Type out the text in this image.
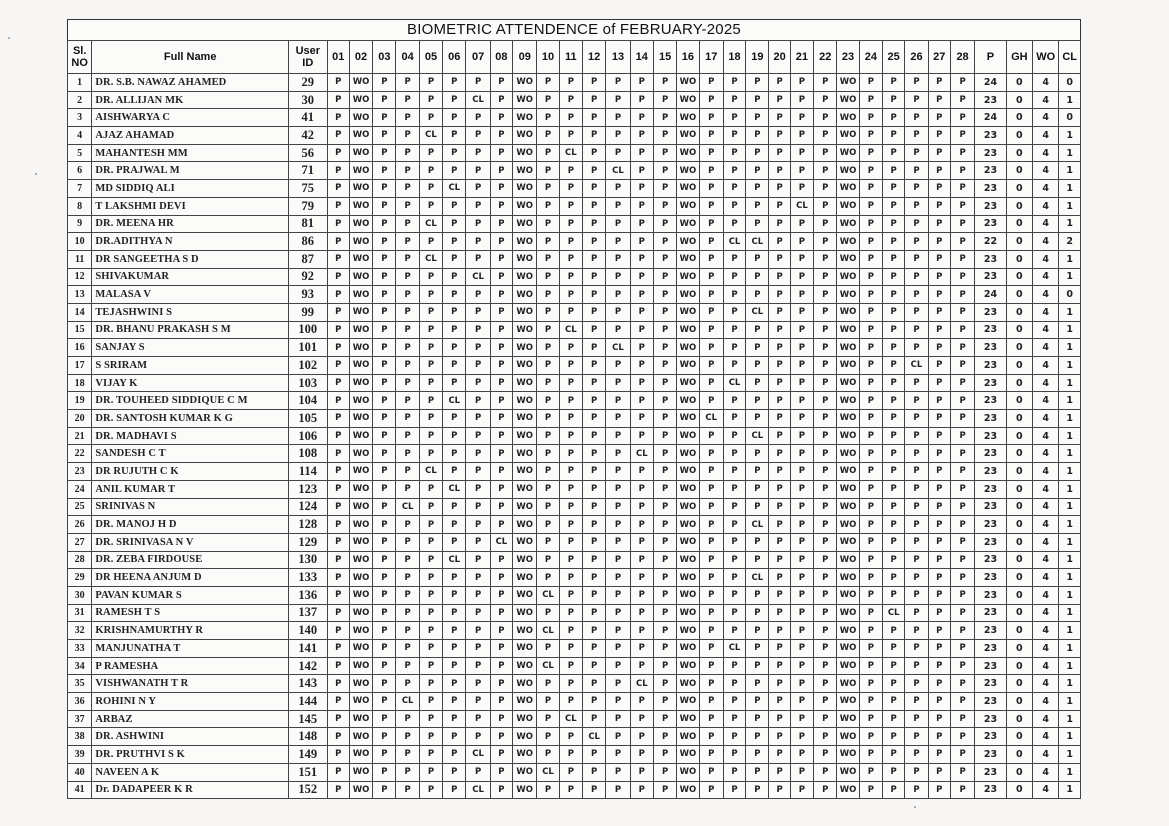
BIOMETRIC ATTENDENCE of FEBRUARY-2025
Sl. NO	Full Name	User ID	01	02	03	04	05	06	07	08	09	10	11	12	13	14	15	16	17	18	19	20	21	22	23	24	25	26	27	28	P	GH	WO	CL
1	DR. S.B. NAWAZ AHAMED	29	P	WO	P	P	P	P	P	P	WO	P	P	P	P	P	P	WO	P	P	P	P	P	P	WO	P	P	P	P	P	24	0	4	0
2	DR. ALLIJAN MK	30	P	WO	P	P	P	P	CL	P	WO	P	P	P	P	P	P	WO	P	P	P	P	P	P	WO	P	P	P	P	P	23	0	4	1
3	AISHWARYA C	41	P	WO	P	P	P	P	P	P	WO	P	P	P	P	P	P	WO	P	P	P	P	P	P	WO	P	P	P	P	P	24	0	4	0
4	AJAZ AHAMAD	42	P	WO	P	P	CL	P	P	P	WO	P	P	P	P	P	P	WO	P	P	P	P	P	P	WO	P	P	P	P	P	23	0	4	1
5	MAHANTESH MM	56	P	WO	P	P	P	P	P	P	WO	P	CL	P	P	P	P	WO	P	P	P	P	P	P	WO	P	P	P	P	P	23	0	4	1
6	DR. PRAJWAL M	71	P	WO	P	P	P	P	P	P	WO	P	P	P	CL	P	P	WO	P	P	P	P	P	P	WO	P	P	P	P	P	23	0	4	1
7	MD SIDDIQ ALI	75	P	WO	P	P	P	CL	P	P	WO	P	P	P	P	P	P	WO	P	P	P	P	P	P	WO	P	P	P	P	P	23	0	4	1
8	T LAKSHMI DEVI	79	P	WO	P	P	P	P	P	P	WO	P	P	P	P	P	P	WO	P	P	P	P	CL	P	WO	P	P	P	P	P	23	0	4	1
9	DR. MEENA HR	81	P	WO	P	P	CL	P	P	P	WO	P	P	P	P	P	P	WO	P	P	P	P	P	P	WO	P	P	P	P	P	23	0	4	1
10	DR.ADITHYA N	86	P	WO	P	P	P	P	P	P	WO	P	P	P	P	P	P	WO	P	CL	CL	P	P	P	WO	P	P	P	P	P	22	0	4	2
11	DR SANGEETHA S D	87	P	WO	P	P	CL	P	P	P	WO	P	P	P	P	P	P	WO	P	P	P	P	P	P	WO	P	P	P	P	P	23	0	4	1
12	SHIVAKUMAR	92	P	WO	P	P	P	P	CL	P	WO	P	P	P	P	P	P	WO	P	P	P	P	P	P	WO	P	P	P	P	P	23	0	4	1
13	MALASA V	93	P	WO	P	P	P	P	P	P	WO	P	P	P	P	P	P	WO	P	P	P	P	P	P	WO	P	P	P	P	P	24	0	4	0
14	TEJASHWINI S	99	P	WO	P	P	P	P	P	P	WO	P	P	P	P	P	P	WO	P	P	CL	P	P	P	WO	P	P	P	P	P	23	0	4	1
15	DR. BHANU PRAKASH S M	100	P	WO	P	P	P	P	P	P	WO	P	CL	P	P	P	P	WO	P	P	P	P	P	P	WO	P	P	P	P	P	23	0	4	1
16	SANJAY S	101	P	WO	P	P	P	P	P	P	WO	P	P	P	CL	P	P	WO	P	P	P	P	P	P	WO	P	P	P	P	P	23	0	4	1
17	S SRIRAM	102	P	WO	P	P	P	P	P	P	WO	P	P	P	P	P	P	WO	P	P	P	P	P	P	WO	P	P	CL	P	P	23	0	4	1
18	VIJAY K	103	P	WO	P	P	P	P	P	P	WO	P	P	P	P	P	P	WO	P	CL	P	P	P	P	WO	P	P	P	P	P	23	0	4	1
19	DR. TOUHEED SIDDIQUE C M	104	P	WO	P	P	P	CL	P	P	WO	P	P	P	P	P	P	WO	P	P	P	P	P	P	WO	P	P	P	P	P	23	0	4	1
20	DR. SANTOSH KUMAR K G	105	P	WO	P	P	P	P	P	P	WO	P	P	P	P	P	P	WO	CL	P	P	P	P	P	WO	P	P	P	P	P	23	0	4	1
21	DR. MADHAVI S	106	P	WO	P	P	P	P	P	P	WO	P	P	P	P	P	P	WO	P	P	CL	P	P	P	WO	P	P	P	P	P	23	0	4	1
22	SANDESH C T	108	P	WO	P	P	P	P	P	P	WO	P	P	P	P	CL	P	WO	P	P	P	P	P	P	WO	P	P	P	P	P	23	0	4	1
23	DR RUJUTH C K	114	P	WO	P	P	CL	P	P	P	WO	P	P	P	P	P	P	WO	P	P	P	P	P	P	WO	P	P	P	P	P	23	0	4	1
24	ANIL KUMAR T	123	P	WO	P	P	P	CL	P	P	WO	P	P	P	P	P	P	WO	P	P	P	P	P	P	WO	P	P	P	P	P	23	0	4	1
25	SRINIVAS N	124	P	WO	P	CL	P	P	P	P	WO	P	P	P	P	P	P	WO	P	P	P	P	P	P	WO	P	P	P	P	P	23	0	4	1
26	DR. MANOJ H D	128	P	WO	P	P	P	P	P	P	WO	P	P	P	P	P	P	WO	P	P	CL	P	P	P	WO	P	P	P	P	P	23	0	4	1
27	DR. SRINIVASA N V	129	P	WO	P	P	P	P	P	CL	WO	P	P	P	P	P	P	WO	P	P	P	P	P	P	WO	P	P	P	P	P	23	0	4	1
28	DR. ZEBA FIRDOUSE	130	P	WO	P	P	P	CL	P	P	WO	P	P	P	P	P	P	WO	P	P	P	P	P	P	WO	P	P	P	P	P	23	0	4	1
29	DR HEENA ANJUM D	133	P	WO	P	P	P	P	P	P	WO	P	P	P	P	P	P	WO	P	P	CL	P	P	P	WO	P	P	P	P	P	23	0	4	1
30	PAVAN KUMAR S	136	P	WO	P	P	P	P	P	P	WO	CL	P	P	P	P	P	WO	P	P	P	P	P	P	WO	P	P	P	P	P	23	0	4	1
31	RAMESH T S	137	P	WO	P	P	P	P	P	P	WO	P	P	P	P	P	P	WO	P	P	P	P	P	P	WO	P	CL	P	P	P	23	0	4	1
32	KRISHNAMURTHY R	140	P	WO	P	P	P	P	P	P	WO	CL	P	P	P	P	P	WO	P	P	P	P	P	P	WO	P	P	P	P	P	23	0	4	1
33	MANJUNATHA T	141	P	WO	P	P	P	P	P	P	WO	P	P	P	P	P	P	WO	P	CL	P	P	P	P	WO	P	P	P	P	P	23	0	4	1
34	P RAMESHA	142	P	WO	P	P	P	P	P	P	WO	CL	P	P	P	P	P	WO	P	P	P	P	P	P	WO	P	P	P	P	P	23	0	4	1
35	VISHWANATH T R	143	P	WO	P	P	P	P	P	P	WO	P	P	P	P	CL	P	WO	P	P	P	P	P	P	WO	P	P	P	P	P	23	0	4	1
36	ROHINI N Y	144	P	WO	P	CL	P	P	P	P	WO	P	P	P	P	P	P	WO	P	P	P	P	P	P	WO	P	P	P	P	P	23	0	4	1
37	ARBAZ	145	P	WO	P	P	P	P	P	P	WO	P	CL	P	P	P	P	WO	P	P	P	P	P	P	WO	P	P	P	P	P	23	0	4	1
38	DR. ASHWINI	148	P	WO	P	P	P	P	P	P	WO	P	P	CL	P	P	P	WO	P	P	P	P	P	P	WO	P	P	P	P	P	23	0	4	1
39	DR. PRUTHVI S K	149	P	WO	P	P	P	P	CL	P	WO	P	P	P	P	P	P	WO	P	P	P	P	P	P	WO	P	P	P	P	P	23	0	4	1
40	NAVEEN A K	151	P	WO	P	P	P	P	P	P	WO	CL	P	P	P	P	P	WO	P	P	P	P	P	P	WO	P	P	P	P	P	23	0	4	1
41	Dr. DADAPEER K R	152	P	WO	P	P	P	P	CL	P	WO	P	P	P	P	P	P	WO	P	P	P	P	P	P	WO	P	P	P	P	P	23	0	4	1
